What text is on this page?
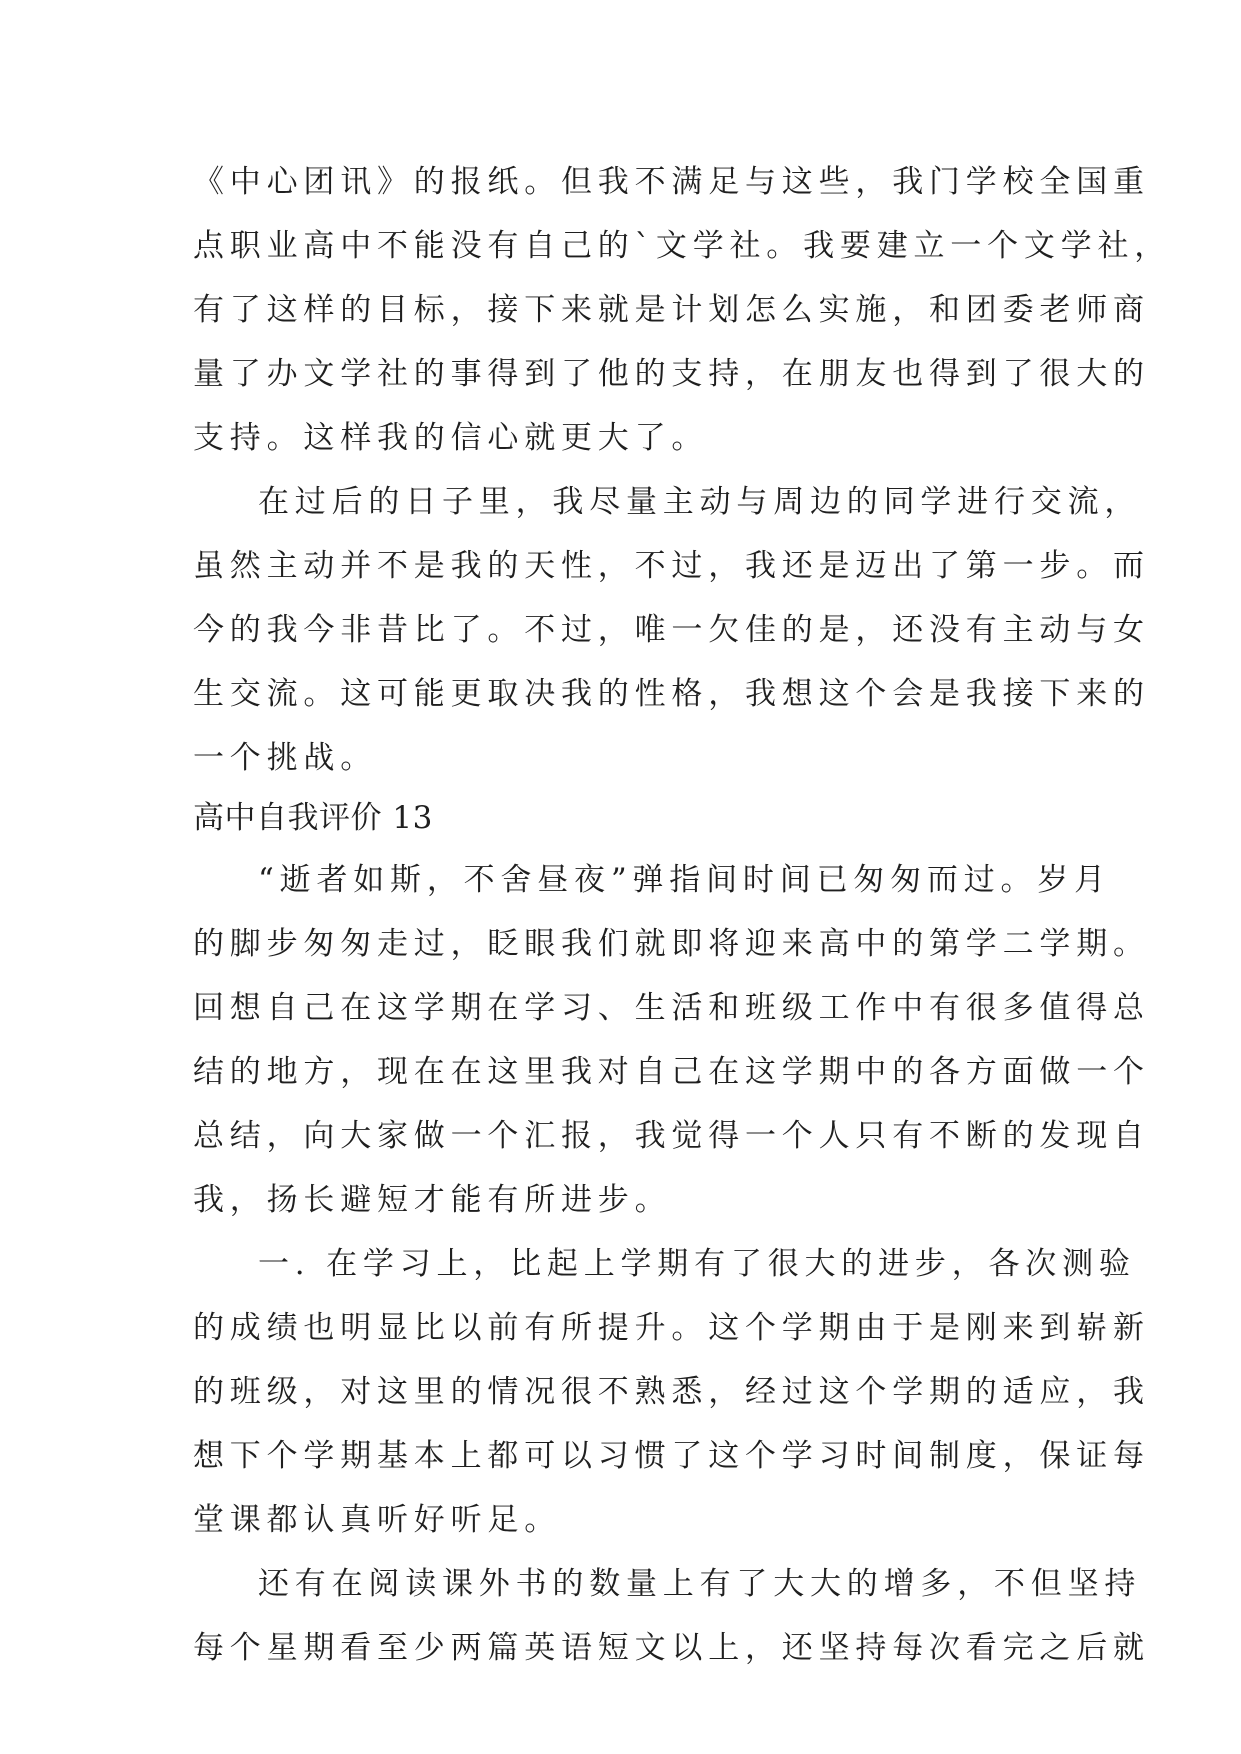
《中心团讯》的报纸。但我不满足与这些，我门学校全国重
点职业高中不能没有自己的`文学社。我要建立一个文学社，
有了这样的目标，接下来就是计划怎么实施，和团委老师商
量了办文学社的事得到了他的支持，在朋友也得到了很大的
支持。这样我的信心就更大了。
在过后的日子里，我尽量主动与周边的同学进行交流，
虽然主动并不是我的天性，不过，我还是迈出了第一步。而
今的我今非昔比了。不过，唯一欠佳的是，还没有主动与女
生交流。这可能更取决我的性格，我想这个会是我接下来的
一个挑战。
高中自我评价 13
“逝者如斯，不舍昼夜”弹指间时间已匆匆而过。岁月
的脚步匆匆走过，眨眼我们就即将迎来高中的第学二学期。
回想自己在这学期在学习、生活和班级工作中有很多值得总
结的地方，现在在这里我对自己在这学期中的各方面做一个
总结，向大家做一个汇报，我觉得一个人只有不断的发现自
我，扬长避短才能有所进步。
一. 在学习上，比起上学期有了很大的进步，各次测验
的成绩也明显比以前有所提升。这个学期由于是刚来到崭新
的班级，对这里的情况很不熟悉，经过这个学期的适应，我
想下个学期基本上都可以习惯了这个学习时间制度，保证每
堂课都认真听好听足。
还有在阅读课外书的数量上有了大大的增多，不但坚持
每个星期看至少两篇英语短文以上，还坚持每次看完之后就
